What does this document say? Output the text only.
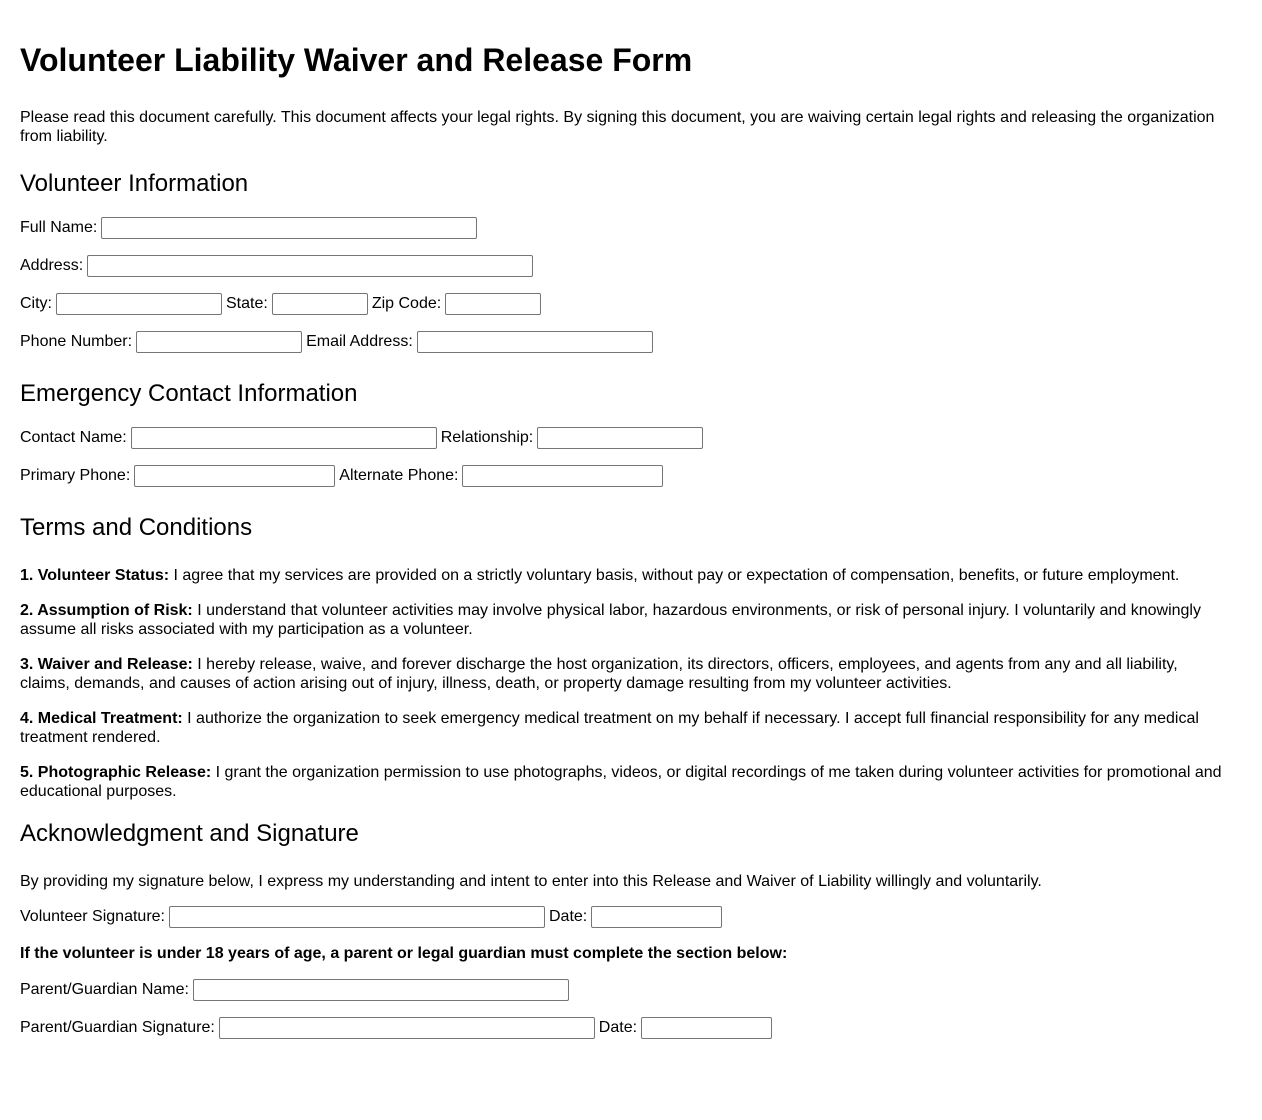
Volunteer Liability Waiver and Release Form

Please read this document carefully. This document affects your legal rights. By signing this document, you are waiving certain legal rights and releasing the organization from liability.

Volunteer Information
Full Name:
Address:
City:	State:	Zip Code:
Phone Number:	Email Address:
Emergency Contact Information
Contact Name:	Relationship:
Primary Phone:	Alternate Phone:
Terms and Conditions

1. Volunteer Status: I agree that my services are provided on a strictly voluntary basis, without pay or expectation of compensation, benefits, or future employment.

2. Assumption of Risk: I understand that volunteer activities may involve physical labor, hazardous environments, or risk of personal injury. I voluntarily and knowingly assume all risks associated with my participation as a volunteer.

3. Waiver and Release: I hereby release, waive, and forever discharge the host organization, its directors, officers, employees, and agents from any and all liability, claims, demands, and causes of action arising out of injury, illness, death, or property damage resulting from my volunteer activities.

4. Medical Treatment: I authorize the organization to seek emergency medical treatment on my behalf if necessary. I accept full financial responsibility for any medical treatment rendered.

5. Photographic Release: I grant the organization permission to use photographs, videos, or digital recordings of me taken during volunteer activities for promotional and educational purposes.

Acknowledgment and Signature

By providing my signature below, I express my understanding and intent to enter into this Release and Waiver of Liability willingly and voluntarily.

Volunteer Signature:	Date:

If the volunteer is under 18 years of age, a parent or legal guardian must complete the section below:

Parent/Guardian Name:
Parent/Guardian Signature:	Date:
